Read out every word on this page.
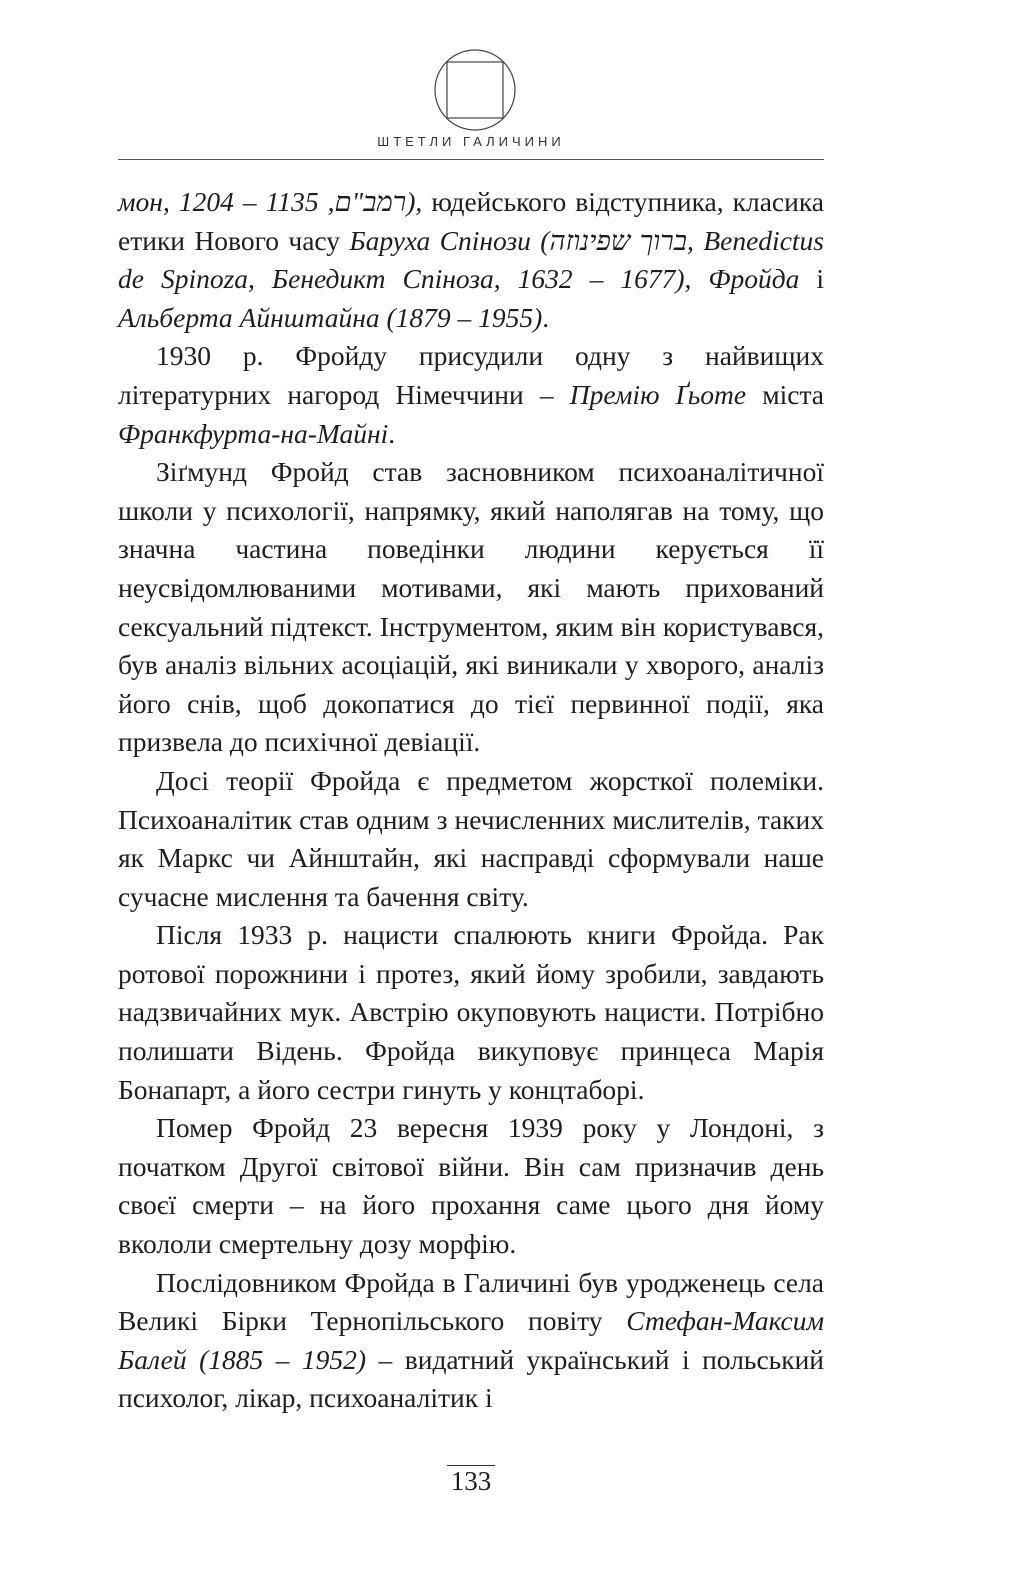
ШТЕТЛИ ГАЛИЧИНИ

мон, רמב"ם, 1135 – 1204), юдейського відступника, класика етики Нового часу Баруха Спінози (ברוך שפינוזה, Benedictus de Spinoza, Бенедикт Спіноза, 1632 – 1677), Фройда і Альберта Айнштайна (1879 – 1955).

1930 р. Фройду присудили одну з найвищих літературних нагород Німеччини – Премію Ґьоте міста Франкфурта-на-Майні.

Зіґмунд Фройд став засновником психоаналітичної школи у психології, напрямку, який наполягав на тому, що значна частина поведінки людини керується її неусвідомлюваними мотивами, які мають прихований сексуальний підтекст. Інструментом, яким він користувався, був аналіз вільних асоціацій, які виникали у хворого, аналіз його снів, щоб докопатися до тієї первинної події, яка призвела до психічної девіації.

Досі теорії Фройда є предметом жорсткої полеміки. Психоаналітик став одним з нечисленних мислителів, таких як Маркс чи Айнштайн, які насправді сформували наше сучасне мислення та бачення світу.

Після 1933 р. нацисти спалюють книги Фройда. Рак ротової порожнини і протез, який йому зробили, завдають надзвичайних мук. Австрію окуповують нацисти. Потрібно полишати Відень. Фройда викуповує принцеса Марія Бонапарт, а його сестри гинуть у концтаборі.

Помер Фройд 23 вересня 1939 року у Лондоні, з початком Другої світової війни. Він сам призначив день своєї смерти – на його прохання саме цього дня йому вкололи смертельну дозу морфію.

Послідовником Фройда в Галичині був уродженець села Великі Бірки Тернопільського повіту Стефан-Максим Балей (1885 – 1952) – видатний український і польський психолог, лікар, психоаналітик і

133
